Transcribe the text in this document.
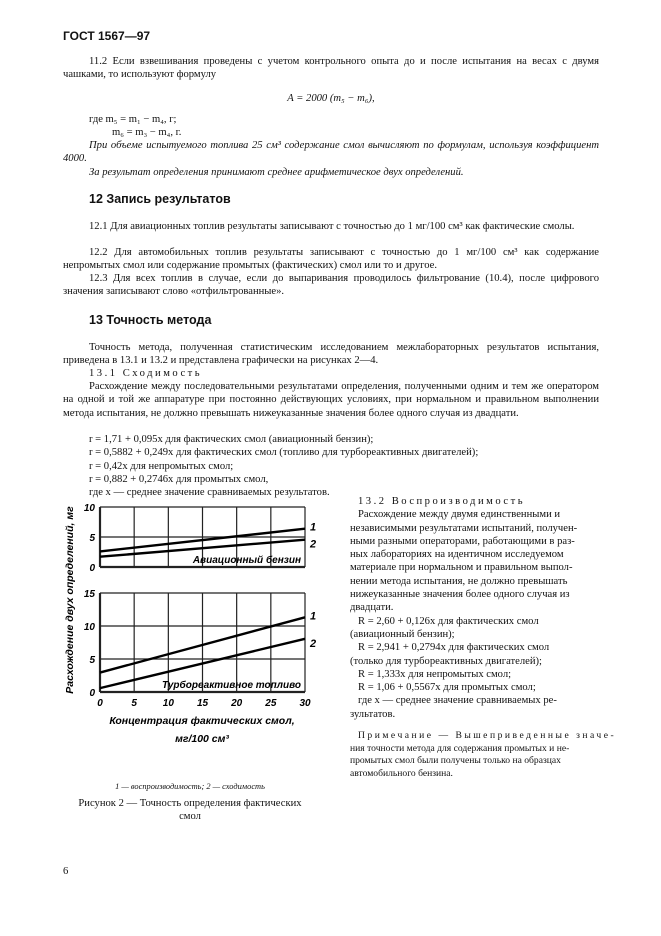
ГОСТ 1567—97

11.2 Если взвешивания проведены с учетом контрольного опыта до и после испытания на весах с двумя чашками, то используют формулу

A = 2000 (m₅ − m₆),

где m₅ = m₁ − m₄, г;

m₆ = m₃ − m₄, г.

При объеме испытуемого топлива 25 см³ содержание смол вычисляют по формулам, используя коэффициент 4000.

За результат определения принимают среднее арифметическое двух определений.

12 Запись результатов

12.1 Для авиационных топлив результаты записывают с точностью до 1 мг/100 см³ как фактические смолы.

12.2 Для автомобильных топлив результаты записывают с точностью до 1 мг/100 см³ как содержание непромытых смол или содержание промытых (фактических) смол или то и другое.

12.3 Для всех топлив в случае, если до выпаривания проводилось фильтрование (10.4), после цифрового значения записывают слово «отфильтрованные».

13 Точность метода

Точность метода, полученная статистическим исследованием межлабораторных результатов испытания, приведена в 13.1 и 13.2 и представлена графически на рисунках 2—4.

13.1 Сходимость

Расхождение между последовательными результатами определения, полученными одним и тем же оператором на одной и той же аппаратуре при постоянно действующих условиях, при нормальном и правильном выполнении метода испытания, не должно превышать нижеуказанные значения более одного случая из двадцати.

r = 1,71 + 0,095x для фактических смол (авиационный бензин);
r = 0,5882 + 0,249x для фактических смол (топливо для турбореактивных двигателей);
r = 0,42x для непромытых смол;
r = 0,882 + 0,2746x для промытых смол,
где x — среднее значение сравниваемых результатов.
13.2 Воспроизводимость
Расхождение между двумя единственными и
независимыми результатами испытаний, получен-
ными разными операторами, работающими в раз-
ных лабораториях на идентичном исследуемом
материале при нормальном и правильном выпол-
нении метода испытания, не должно превышать
нижеуказанные значения более одного случая из
двадцати.
R = 2,60 + 0,126x для фактических смол
(авиационный бензин);
R = 2,941 + 0,2794x для фактических смол
(только для турбореактивных двигателей);
R = 1,333x для непромытых смол;
R = 1,06 + 0,5567x для промытых смол;
где x — среднее значение сравниваемых ре-
зультатов.
Примечание — Вышеприведенные значе-
ния точности метода для содержания промытых и не-
промытых смол были получены только на образцах
автомобильного бензина.
0
5
10
1
2
Авиационный бензин
0
5
10
15
0	5	10 15 20 25 30
1
2
Турбореактивное топливо
Расхождение двух определений, мг
Концентрация фактических смол,
мг/100 см³

1 — воспроизводимость; 2 — сходимость

Рисунок 2 — Точность определения фактических

смол

6
